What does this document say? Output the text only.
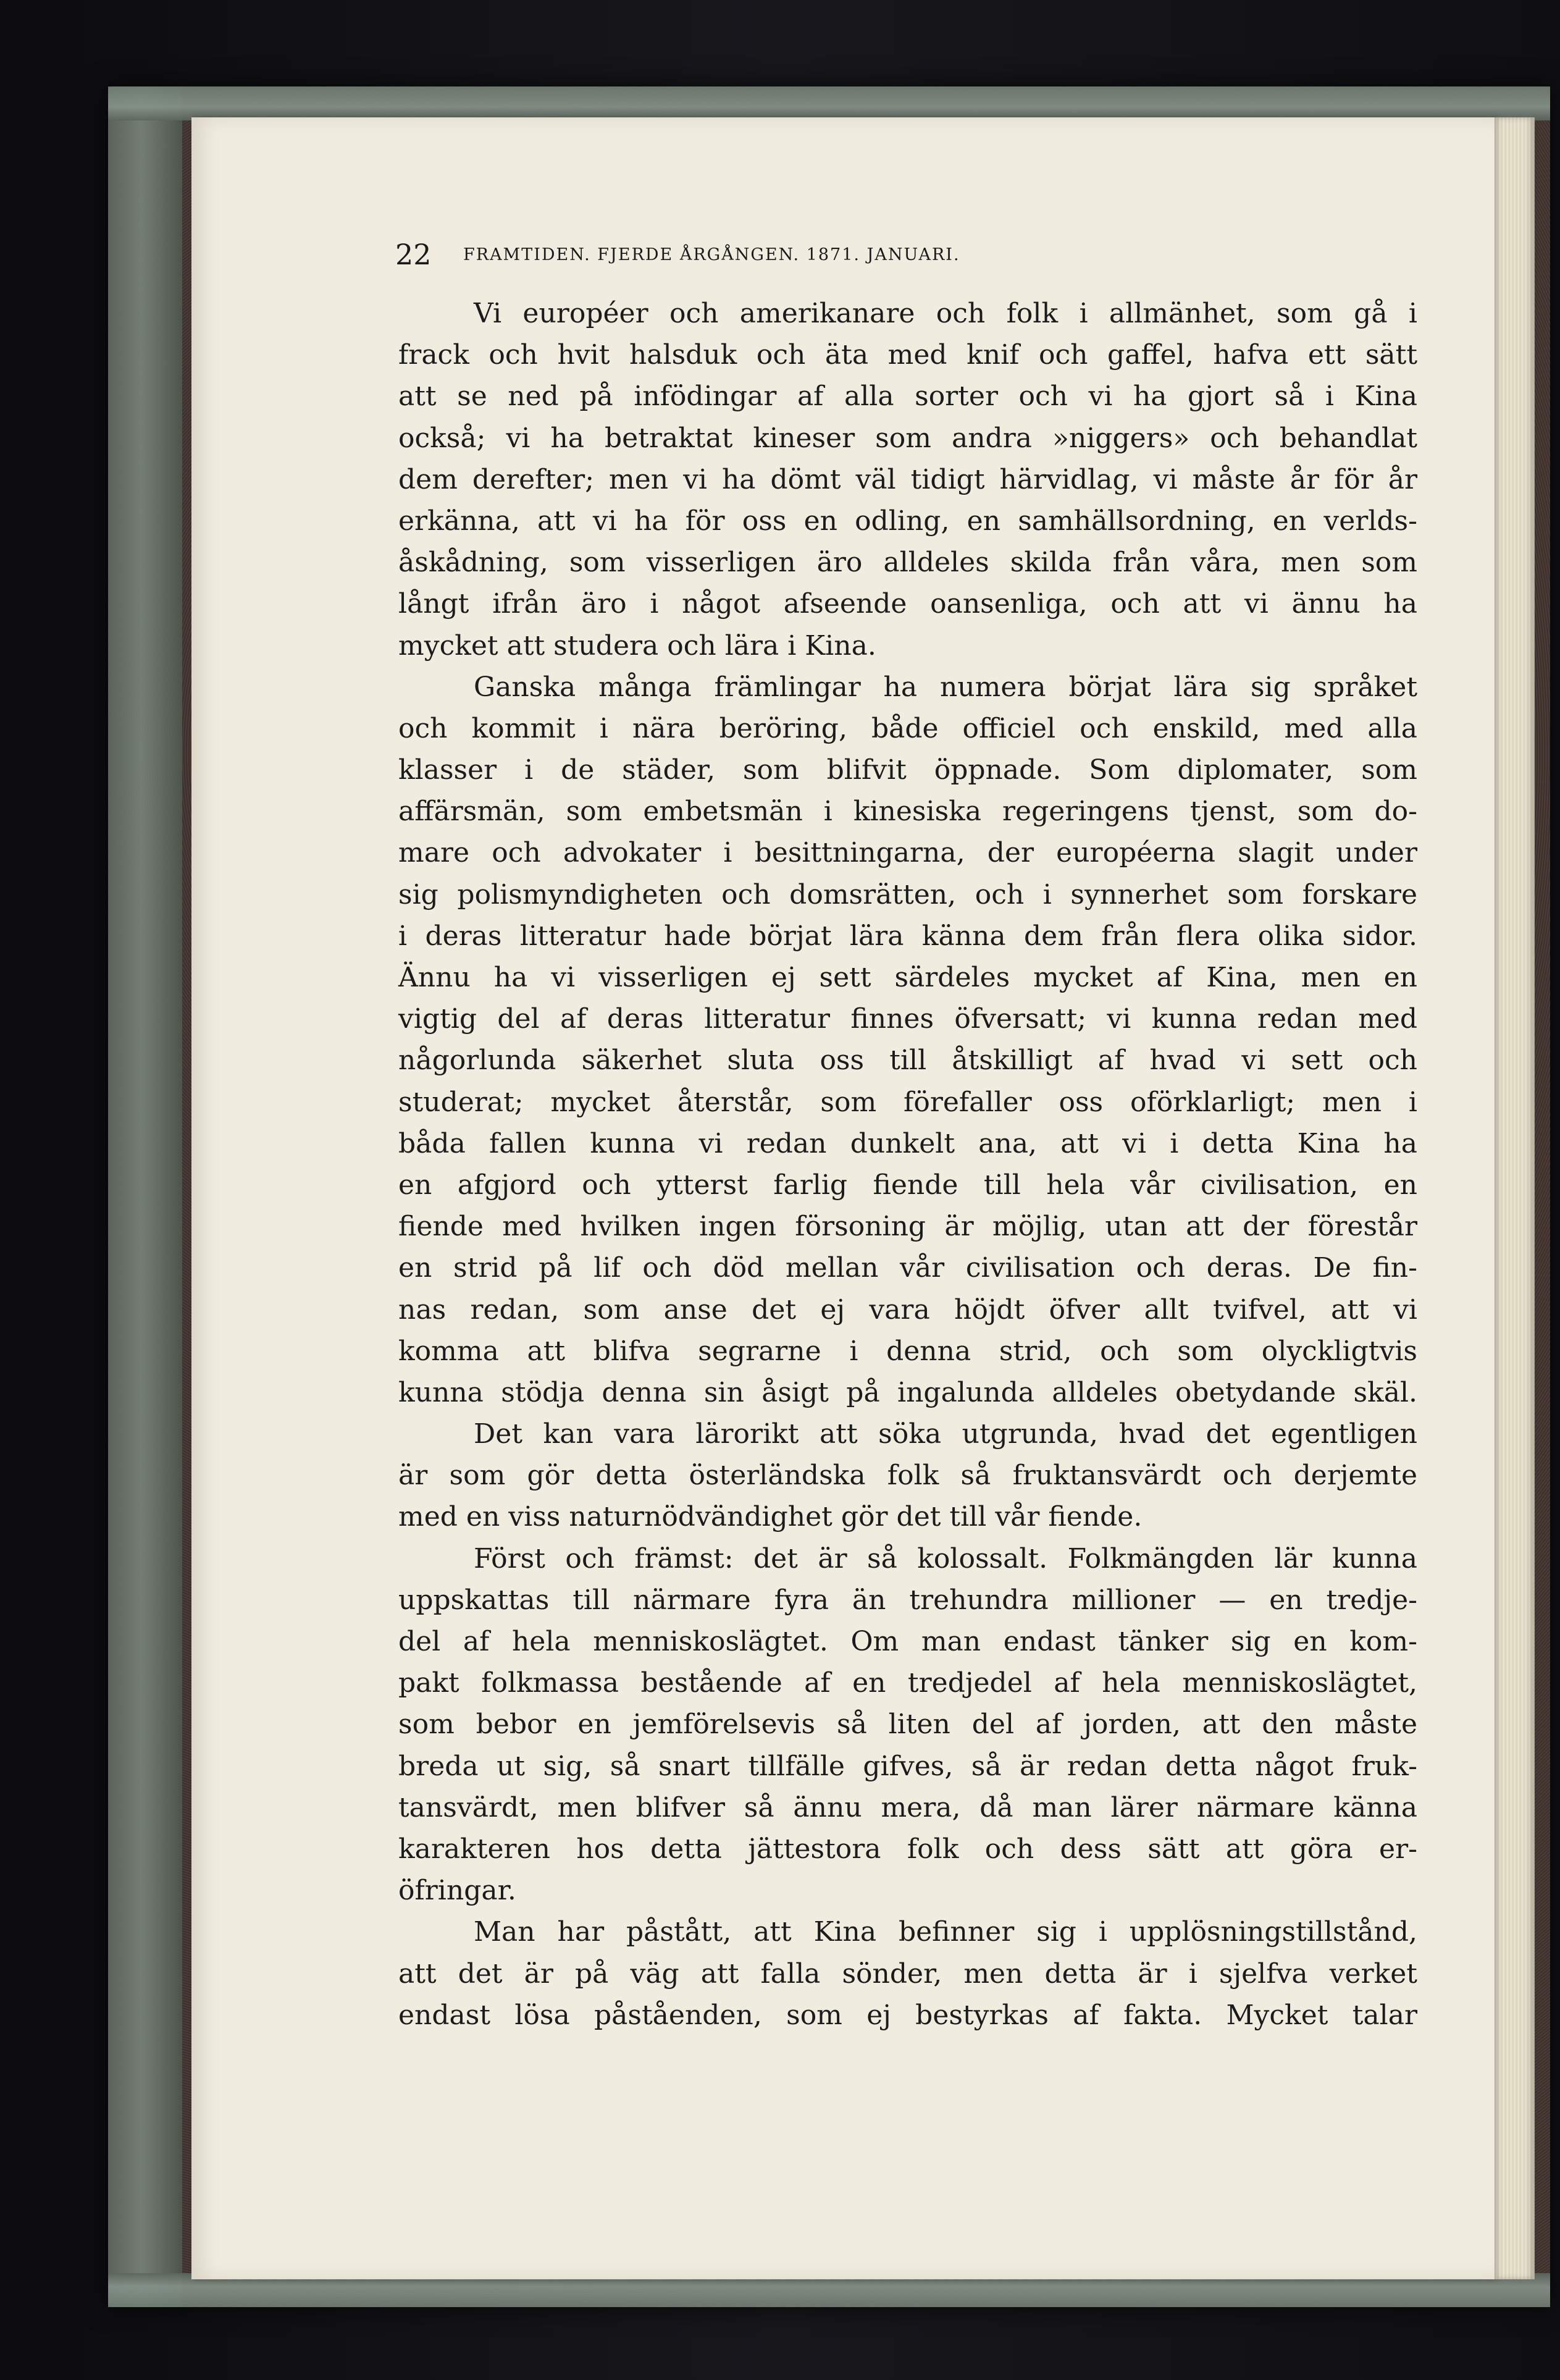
22 FRAMTIDEN. FJERDE ÅRGÅNGEN. 1871. JANUARI.
Vi européer och amerikanare och folk i allmänhet, som gå i
frack och hvit halsduk och äta med knif och gaffel, hafva ett sätt
att se ned på infödingar af alla sorter och vi ha gjort så i Kina
också; vi ha betraktat kineser som andra »niggers» och behandlat
dem derefter; men vi ha dömt väl tidigt härvidlag, vi måste år för år
erkänna, att vi ha för oss en odling, en samhällsordning, en verlds-
åskådning, som visserligen äro alldeles skilda från våra, men som
långt ifrån äro i något afseende oansenliga, och att vi ännu ha
mycket att studera och lära i Kina.
Ganska många främlingar ha numera börjat lära sig språket
och kommit i nära beröring, både officiel och enskild, med alla
klasser i de städer, som blifvit öppnade. Som diplomater, som
affärsmän, som embetsmän i kinesiska regeringens tjenst, som do-
mare och advokater i besittningarna, der européerna slagit under
sig polismyndigheten och domsrätten, och i synnerhet som forskare
i deras litteratur hade börjat lära känna dem från flera olika sidor.
Ännu ha vi visserligen ej sett särdeles mycket af Kina, men en
vigtig del af deras litteratur finnes öfversatt; vi kunna redan med
någorlunda säkerhet sluta oss till åtskilligt af hvad vi sett och
studerat; mycket återstår, som förefaller oss oförklarligt; men i
båda fallen kunna vi redan dunkelt ana, att vi i detta Kina ha
en afgjord och ytterst farlig fiende till hela vår civilisation, en
fiende med hvilken ingen försoning är möjlig, utan att der förestår
en strid på lif och död mellan vår civilisation och deras. De fin-
nas redan, som anse det ej vara höjdt öfver allt tvifvel, att vi
komma att blifva segrarne i denna strid, och som olyckligtvis
kunna stödja denna sin åsigt på ingalunda alldeles obetydande skäl.
Det kan vara lärorikt att söka utgrunda, hvad det egentligen
är som gör detta österländska folk så fruktansvärdt och derjemte
med en viss naturnödvändighet gör det till vår fiende.
Först och främst: det är så kolossalt. Folkmängden lär kunna
uppskattas till närmare fyra än trehundra millioner — en tredje-
del af hela menniskoslägtet. Om man endast tänker sig en kom-
pakt folkmassa bestående af en tredjedel af hela menniskoslägtet,
som bebor en jemförelsevis så liten del af jorden, att den måste
breda ut sig, så snart tillfälle gifves, så är redan detta något fruk-
tansvärdt, men blifver så ännu mera, då man lärer närmare känna
karakteren hos detta jättestora folk och dess sätt att göra er-
öfringar.
Man har påstått, att Kina befinner sig i upplösningstillstånd,
att det är på väg att falla sönder, men detta är i sjelfva verket
endast lösa påståenden, som ej bestyrkas af fakta. Mycket talar
